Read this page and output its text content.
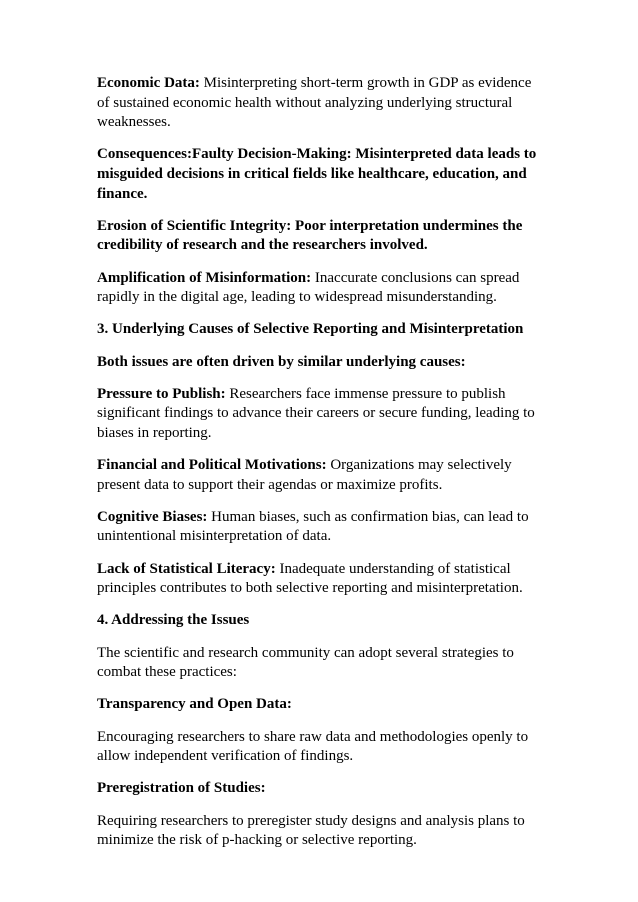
Economic Data: Misinterpreting short-term growth in GDP as evidence of sustained economic health without analyzing underlying structural weaknesses.

Consequences:Faulty Decision-Making: Misinterpreted data leads to misguided decisions in critical fields like healthcare, education, and finance.

Erosion of Scientific Integrity: Poor interpretation undermines the credibility of research and the researchers involved.

Amplification of Misinformation: Inaccurate conclusions can spread rapidly in the digital age, leading to widespread misunderstanding.

3. Underlying Causes of Selective Reporting and Misinterpretation

Both issues are often driven by similar underlying causes:

Pressure to Publish: Researchers face immense pressure to publish significant findings to advance their careers or secure funding, leading to biases in reporting.

Financial and Political Motivations: Organizations may selectively present data to support their agendas or maximize profits.

Cognitive Biases: Human biases, such as confirmation bias, can lead to unintentional misinterpretation of data.

Lack of Statistical Literacy: Inadequate understanding of statistical principles contributes to both selective reporting and misinterpretation.

4. Addressing the Issues

The scientific and research community can adopt several strategies to combat these practices:

Transparency and Open Data:

Encouraging researchers to share raw data and methodologies openly to allow independent verification of findings.

Preregistration of Studies:

Requiring researchers to preregister study designs and analysis plans to minimize the risk of p-hacking or selective reporting.
